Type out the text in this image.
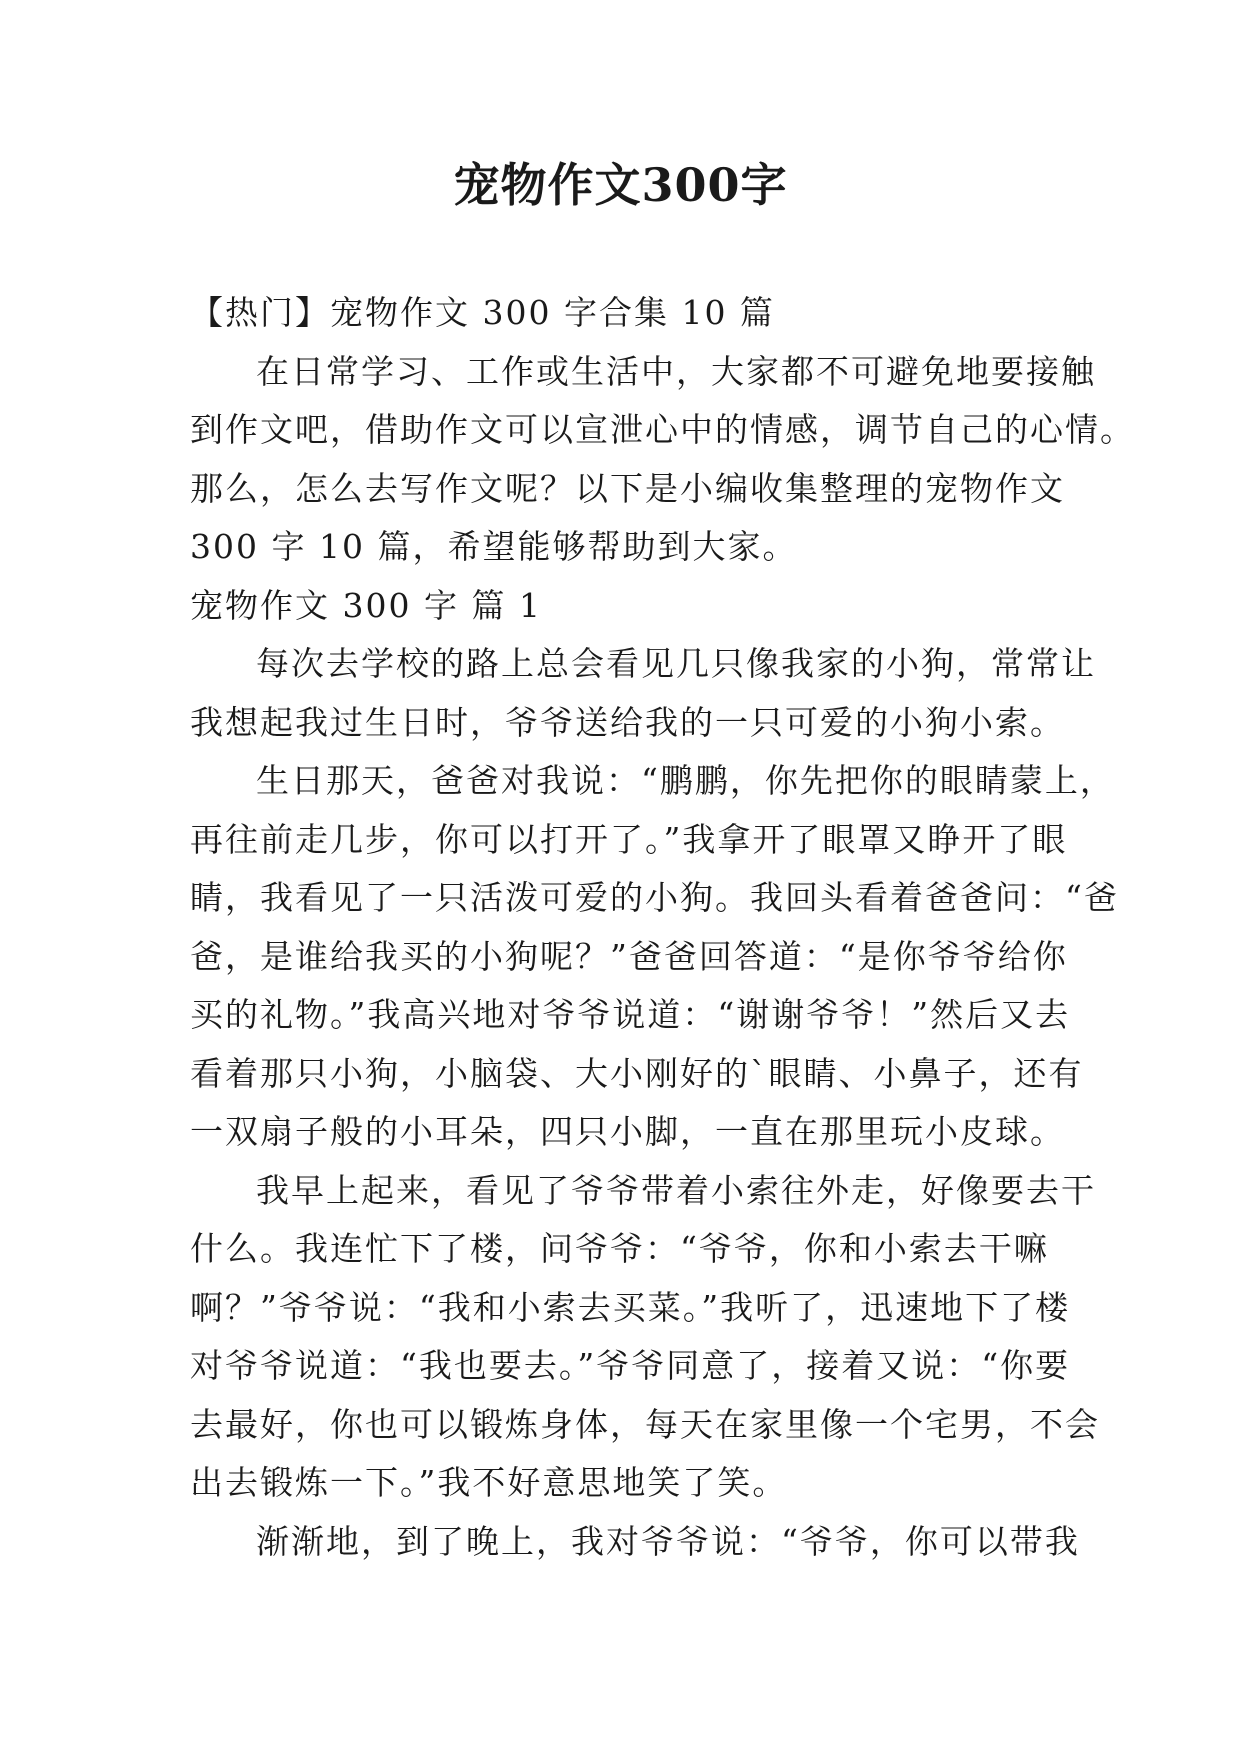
宠物作文300字

【热门】宠物作文 300 字合集 10 篇

在日常学习、工作或生活中，大家都不可避免地要接触

到作文吧，借助作文可以宣泄心中的情感，调节自己的心情。

那么，怎么去写作文呢？以下是小编收集整理的宠物作文

300 字 10 篇，希望能够帮助到大家。

宠物作文 300 字 篇 1

每次去学校的路上总会看见几只像我家的小狗，常常让

我想起我过生日时，爷爷送给我的一只可爱的小狗小索。

生日那天，爸爸对我说：“鹏鹏，你先把你的眼睛蒙上，

再往前走几步，你可以打开了。”我拿开了眼罩又睁开了眼

睛，我看见了一只活泼可爱的小狗。我回头看着爸爸问：“爸

爸，是谁给我买的小狗呢？”爸爸回答道：“是你爷爷给你

买的礼物。”我高兴地对爷爷说道：“谢谢爷爷！”然后又去

看着那只小狗，小脑袋、大小刚好的`眼睛、小鼻子，还有

一双扇子般的小耳朵，四只小脚，一直在那里玩小皮球。

我早上起来，看见了爷爷带着小索往外走，好像要去干

什么。我连忙下了楼，问爷爷：“爷爷，你和小索去干嘛

啊？”爷爷说：“我和小索去买菜。”我听了，迅速地下了楼

对爷爷说道：“我也要去。”爷爷同意了，接着又说：“你要

去最好，你也可以锻炼身体，每天在家里像一个宅男，不会

出去锻炼一下。”我不好意思地笑了笑。

渐渐地，到了晚上，我对爷爷说：“爷爷，你可以带我
